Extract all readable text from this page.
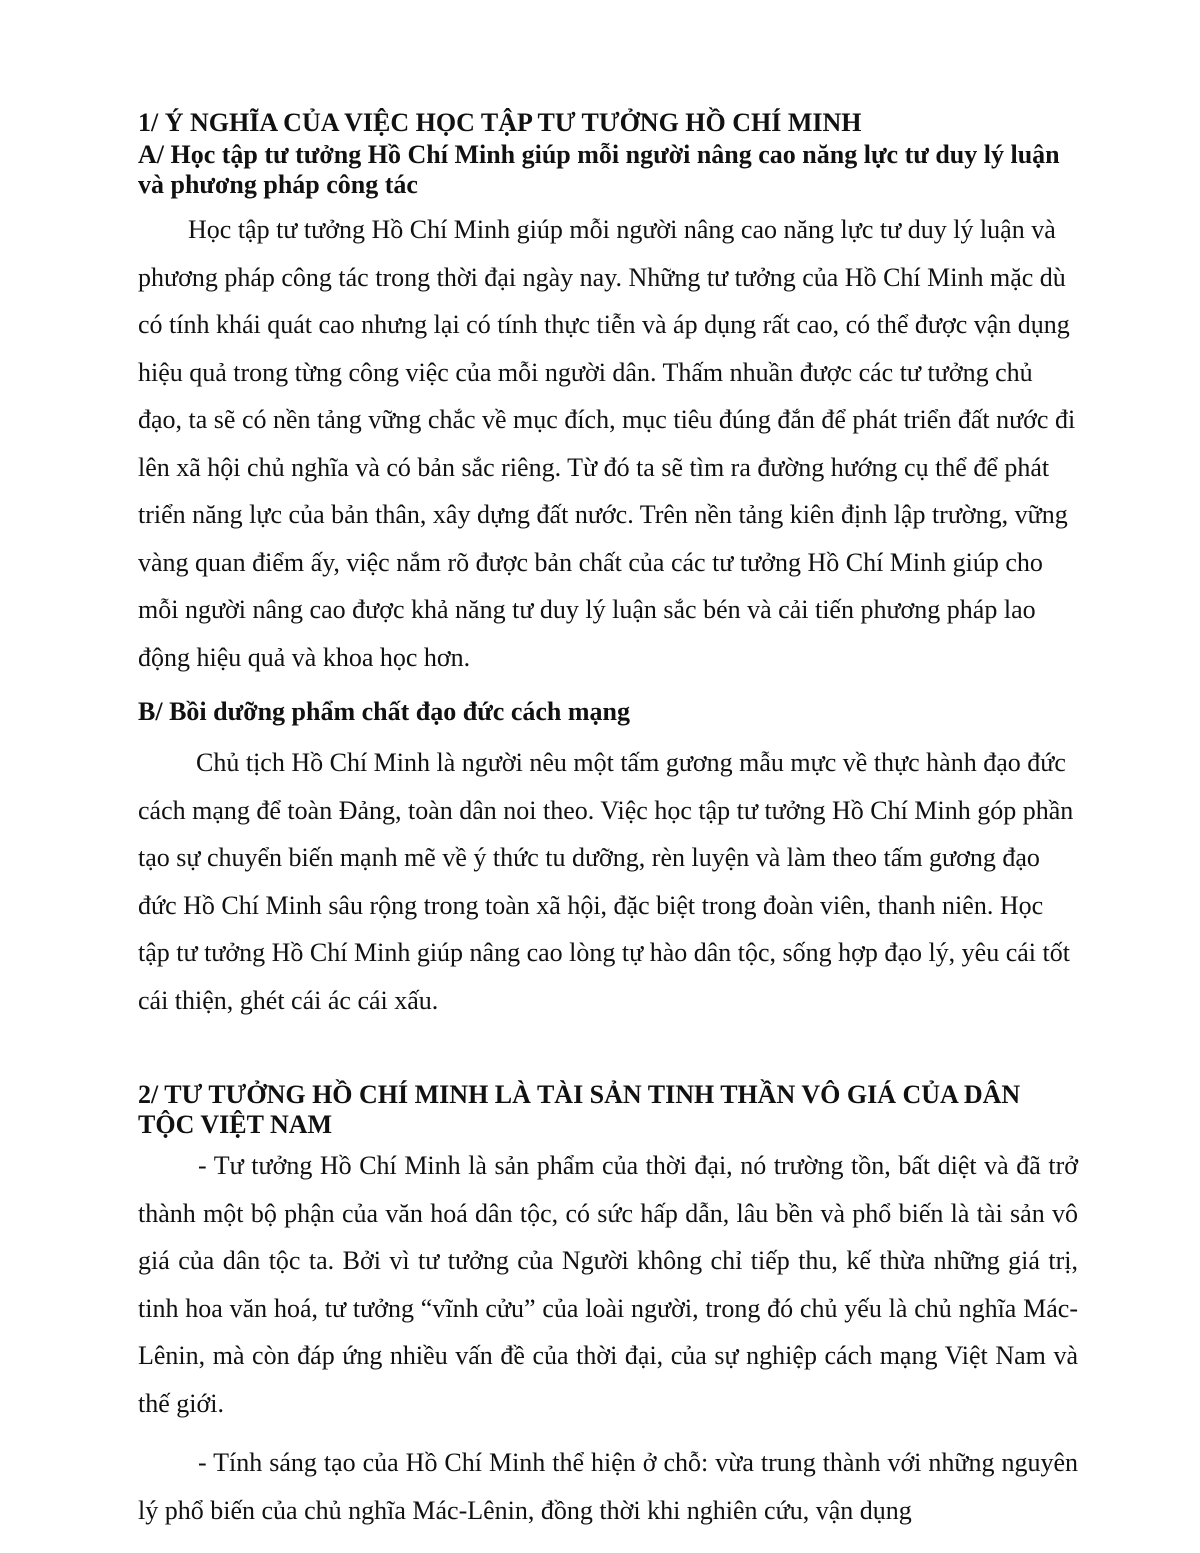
1/ Ý NGHĨA CỦA VIỆC HỌC TẬP TƯ TƯỞNG HỒ CHÍ MINH
A/ Học tập tư tưởng Hồ Chí Minh giúp mỗi người nâng cao năng lực tư duy lý luận và phương pháp công tác

Học tập tư tưởng Hồ Chí Minh giúp mỗi người nâng cao năng lực tư duy lý luận và phương pháp công tác trong thời đại ngày nay. Những tư tưởng của Hồ Chí Minh mặc dù có tính khái quát cao nhưng lại có tính thực tiễn và áp dụng rất cao, có thể được vận dụng hiệu quả trong từng công việc của mỗi người dân. Thấm nhuần được các tư tưởng chủ đạo, ta sẽ có nền tảng vững chắc về mục đích, mục tiêu đúng đắn để phát triển đất nước đi lên xã hội chủ nghĩa và có bản sắc riêng. Từ đó ta sẽ tìm ra đường hướng cụ thể để phát triển năng lực của bản thân, xây dựng đất nước. Trên nền tảng kiên định lập trường, vững vàng quan điểm ấy, việc nắm rõ được bản chất của các tư tưởng Hồ Chí Minh giúp cho mỗi người nâng cao được khả năng tư duy lý luận sắc bén và cải tiến phương pháp lao động hiệu quả và khoa học hơn.

B/ Bồi dưỡng phẩm chất đạo đức cách mạng

Chủ tịch Hồ Chí Minh là người nêu một tấm gương mẫu mực về thực hành đạo đức cách mạng để toàn Đảng, toàn dân noi theo. Việc học tập tư tưởng Hồ Chí Minh góp phần tạo sự chuyển biến mạnh mẽ về ý thức tu dưỡng, rèn luyện và làm theo tấm gương đạo đức Hồ Chí Minh sâu rộng trong toàn xã hội, đặc biệt trong đoàn viên, thanh niên. Học tập tư tưởng Hồ Chí Minh giúp nâng cao lòng tự hào dân tộc, sống hợp đạo lý, yêu cái tốt cái thiện, ghét cái ác cái xấu.

2/ TƯ TƯỞNG HỒ CHÍ MINH LÀ TÀI SẢN TINH THẦN VÔ GIÁ CỦA DÂN TỘC VIỆT NAM

- Tư tưởng Hồ Chí Minh là sản phẩm của thời đại, nó trường tồn, bất diệt và đã trở thành một bộ phận của văn hoá dân tộc, có sức hấp dẫn, lâu bền và phổ biến là tài sản vô giá của dân tộc ta. Bởi vì tư tưởng của Người không chỉ tiếp thu, kế thừa những giá trị, tinh hoa văn hoá, tư tưởng “vĩnh cửu” của loài người, trong đó chủ yếu là chủ nghĩa Mác-Lênin, mà còn đáp ứng nhiều vấn đề của thời đại, của sự nghiệp cách mạng Việt Nam và thế giới.

- Tính sáng tạo của Hồ Chí Minh thể hiện ở chỗ: vừa trung thành với những nguyên lý phổ biến của chủ nghĩa Mác-Lênin, đồng thời khi nghiên cứu, vận dụng
